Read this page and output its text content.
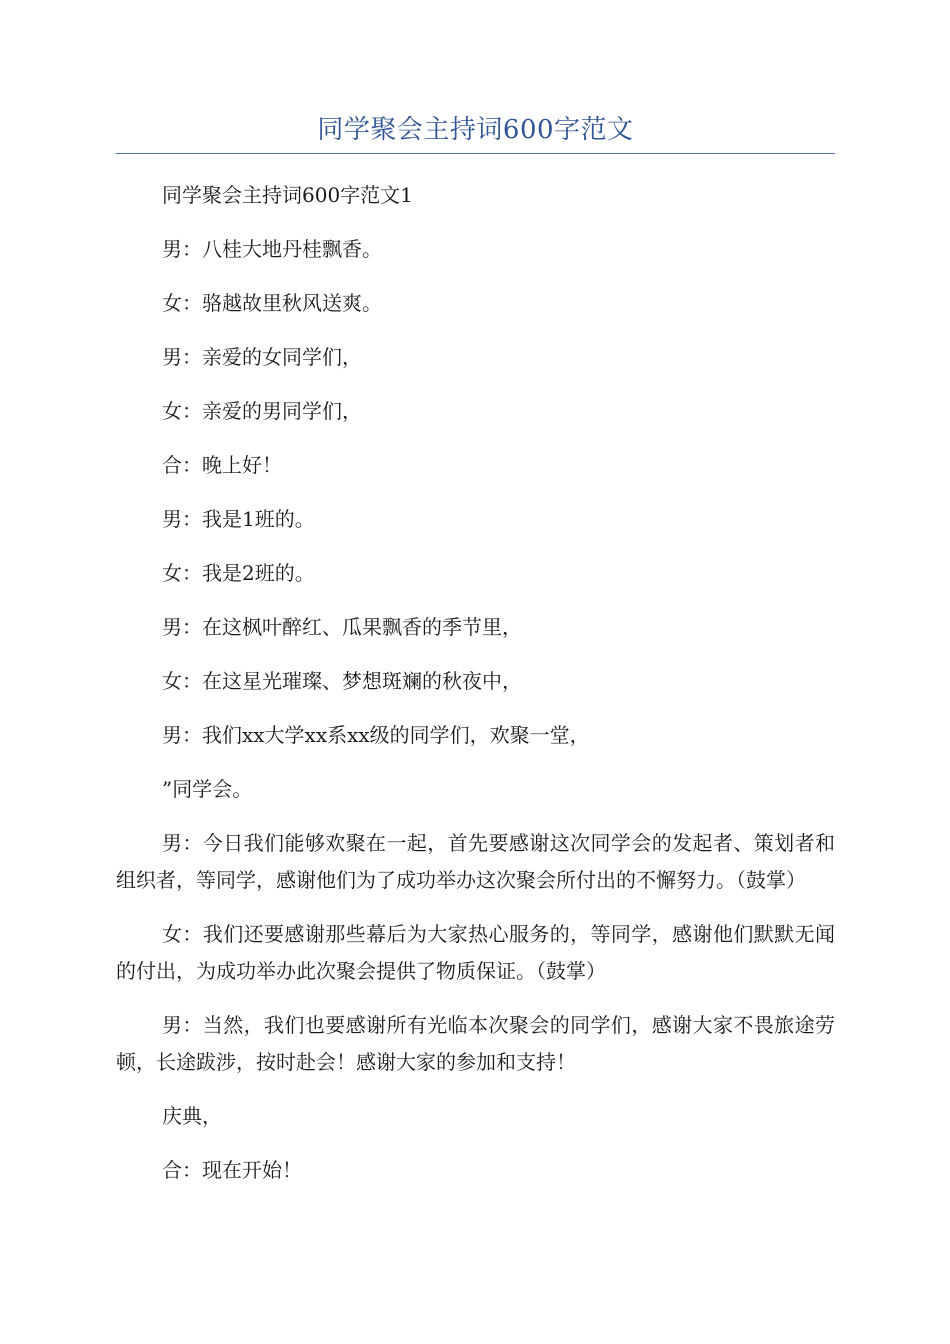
同学聚会主持词600字范文

同学聚会主持词600字范文1

男：八桂大地丹桂飘香。

女：骆越故里秋风送爽。

男：亲爱的女同学们，

女：亲爱的男同学们，

合：晚上好！

男：我是1班的。

女：我是2班的。

男：在这枫叶醉红、瓜果飘香的季节里，

女：在这星光璀璨、梦想斑斓的秋夜中，

男：我们xx大学xx系xx级的同学们，欢聚一堂，

”同学会。

男：今日我们能够欢聚在一起，首先要感谢这次同学会的发起者、策划者和组织者，等同学，感谢他们为了成功举办这次聚会所付出的不懈努力。（鼓掌）

女：我们还要感谢那些幕后为大家热心服务的，等同学，感谢他们默默无闻的付出，为成功举办此次聚会提供了物质保证。（鼓掌）

男：当然，我们也要感谢所有光临本次聚会的同学们，感谢大家不畏旅途劳顿，长途跋涉，按时赴会！感谢大家的参加和支持！

庆典，

合：现在开始！
